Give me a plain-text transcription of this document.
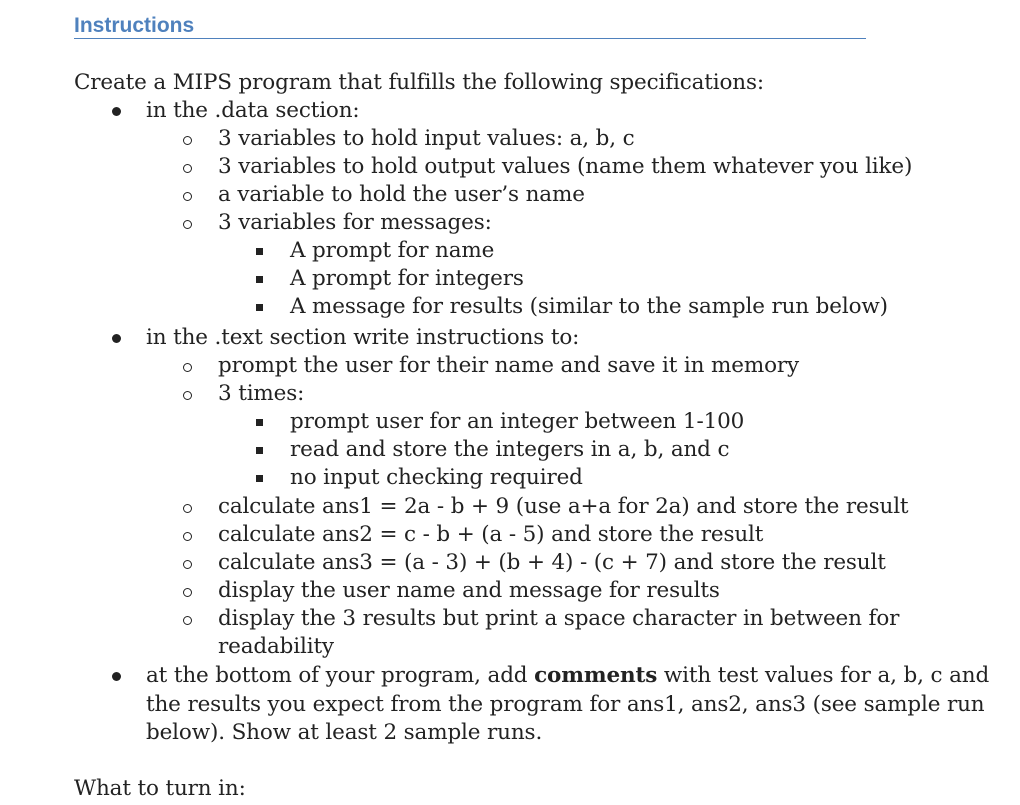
Instructions
Create a MIPS program that fulfills the following specifications:
in the .data section:
3 variables to hold input values: a, b, c
3 variables to hold output values (name them whatever you like)
a variable to hold the user’s name
3 variables for messages:
A prompt for name
A prompt for integers
A message for results (similar to the sample run below)
in the .text section write instructions to:
prompt the user for their name and save it in memory
3 times:
prompt user for an integer between 1-100
read and store the integers in a, b, and c
no input checking required
calculate ans1 = 2a - b + 9 (use a+a for 2a) and store the result
calculate ans2 = c - b + (a - 5) and store the result
calculate ans3 = (a - 3) + (b + 4) - (c + 7) and store the result
display the user name and message for results
display the 3 results but print a space character in between for
readability
at the bottom of your program, add comments with test values for a, b, c and
the results you expect from the program for ans1, ans2, ans3 (see sample run
below). Show at least 2 sample runs.
What to turn in:
